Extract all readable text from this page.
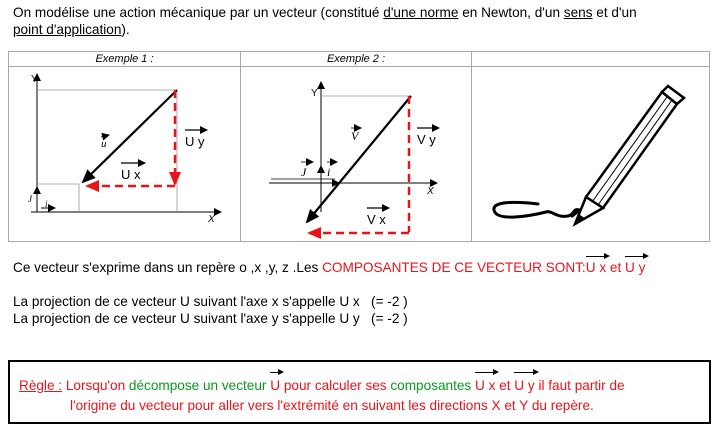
On modélise une action mécanique par un vecteur (constitué d'une norme en Newton, d'un sens et d'un
point d'application).
Exemple 1 :
Y
X
J i
u	U y
U x
Exemple 2 :
Y
X
J i
V	V y
V x
Ce vecteur s'exprime dans un repère o ,x ,y, z .Les COMPOSANTES DE CE VECTEUR SONT:U x et U y
La projection de ce vecteur U suivant l'axe x s'appelle U x   (= -2 )
La projection de ce vecteur U suivant l'axe y s'appelle U y   (= -2 )
Règle : Lorsqu'on décompose un vecteur U pour calculer ses composantes U x et U y il faut partir de
l'origine du vecteur pour aller vers l'extrémité en suivant les directions X et Y du repère.
